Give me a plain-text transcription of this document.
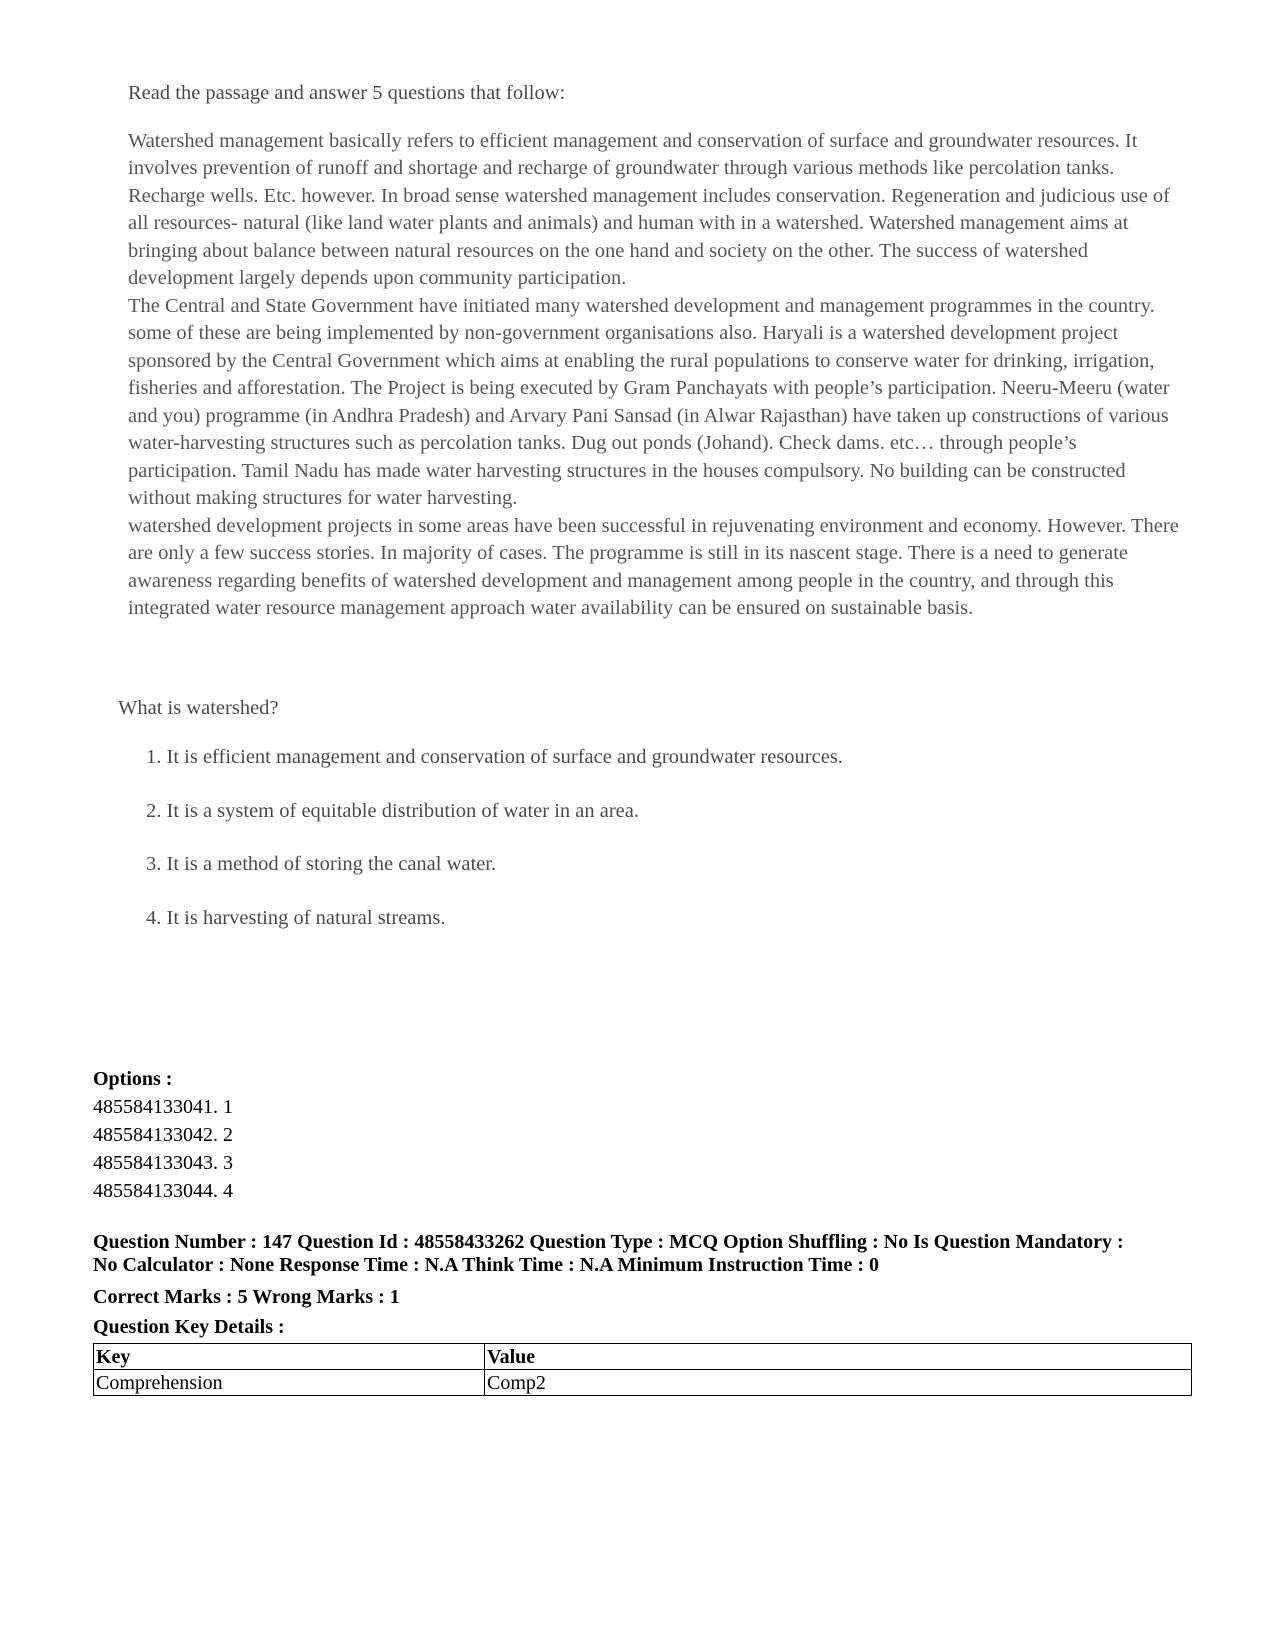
Read the passage and answer 5 questions that follow:

Watershed management basically refers to efficient management and conservation of surface and groundwater resources. It involves prevention of runoff and shortage and recharge of groundwater through various methods like percolation tanks. Recharge wells. Etc. however. In broad sense watershed management includes conservation. Regeneration and judicious use of all resources- natural (like land water plants and animals) and human with in a watershed. Watershed management aims at bringing about balance between natural resources on the one hand and society on the other. The success of watershed development largely depends upon community participation.

The Central and State Government have initiated many watershed development and management programmes in the country. some of these are being implemented by non-government organisations also. Haryali is a watershed development project sponsored by the Central Government which aims at enabling the rural populations to conserve water for drinking, irrigation, fisheries and afforestation. The Project is being executed by Gram Panchayats with people’s participation. Neeru-Meeru (water and you) programme (in Andhra Pradesh) and Arvary Pani Sansad (in Alwar Rajasthan) have taken up constructions of various water-harvesting structures such as percolation tanks. Dug out ponds (Johand). Check dams. etc… through people’s participation. Tamil Nadu has made water harvesting structures in the houses compulsory. No building can be constructed without making structures for water harvesting.

watershed development projects in some areas have been successful in rejuvenating environment and economy. However. There are only a few success stories. In majority of cases. The programme is still in its nascent stage. There is a need to generate awareness regarding benefits of watershed development and management among people in the country, and through this integrated water resource management approach water availability can be ensured on sustainable basis.

What is watershed?
1. It is efficient management and conservation of surface and groundwater resources.
2. It is a system of equitable distribution of water in an area.
3. It is a method of storing the canal water.
4. It is harvesting of natural streams.
Options :
485584133041. 1
485584133042. 2
485584133043. 3
485584133044. 4
Question Number : 147 Question Id : 48558433262 Question Type : MCQ Option Shuffling : No Is Question Mandatory :
No Calculator : None Response Time : N.A Think Time : N.A Minimum Instruction Time : 0
Correct Marks : 5 Wrong Marks : 1
Question Key Details :
Key	Value
Comprehension	Comp2
